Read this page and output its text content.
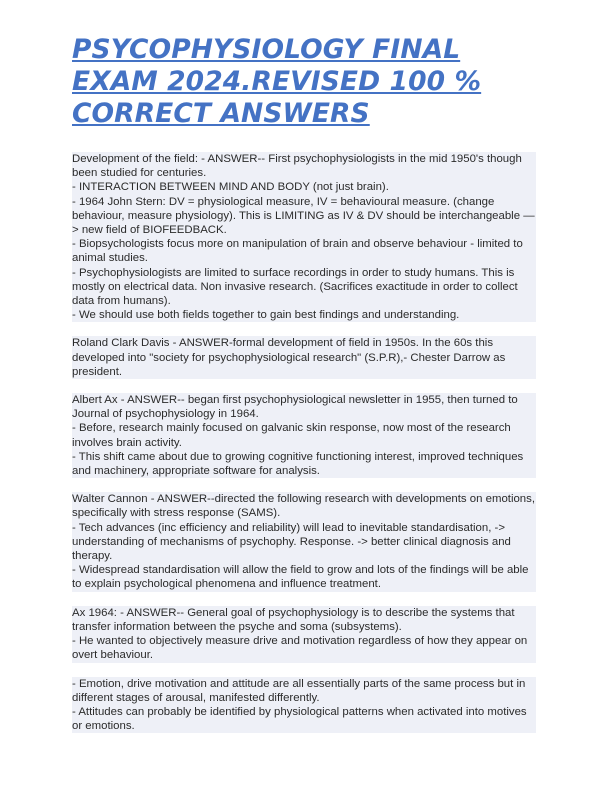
PSYCOPHYSIOLOGY FINAL EXAM 2024.REVISED 100 % CORRECT ANSWERS
Development of the field: - ANSWER-- First psychophysiologists in the mid 1950's though been studied for centuries.
- INTERACTION BETWEEN MIND AND BODY (not just brain).
- 1964 John Stern: DV = physiological measure, IV = behavioural measure. (change behaviour, measure physiology). This is LIMITING as IV & DV should be interchangeable —> new field of BIOFEEDBACK.
- Biopsychologists focus more on manipulation of brain and observe behaviour - limited to animal studies.
- Psychophysiologists are limited to surface recordings in order to study humans. This is mostly on electrical data. Non invasive research. (Sacrifices exactitude in order to collect data from humans).
- We should use both fields together to gain best findings and understanding.
Roland Clark Davis - ANSWER-formal development of field in 1950s. In the 60s this developed into "society for psychophysiological research" (S.P.R),- Chester Darrow as president.
Albert Ax - ANSWER-- began first psychophysiological newsletter in 1955, then turned to Journal of psychophysiology in 1964.
- Before, research mainly focused on galvanic skin response, now most of the research involves brain activity.
- This shift came about due to growing cognitive functioning interest, improved techniques and machinery, appropriate software for analysis.
Walter Cannon - ANSWER--directed the following research with developments on emotions, specifically with stress response (SAMS).
- Tech advances (inc efficiency and reliability) will lead to inevitable standardisation, -> understanding of mechanisms of psychophy. Response. -> better clinical diagnosis and therapy.
- Widespread standardisation will allow the field to grow and lots of the findings will be able to explain psychological phenomena and influence treatment.
Ax 1964: - ANSWER-- General goal of psychophysiology is to describe the systems that transfer information between the psyche and soma (subsystems).
- He wanted to objectively measure drive and motivation regardless of how they appear on overt behaviour.
- Emotion, drive motivation and attitude are all essentially parts of the same process but in different stages of arousal, manifested differently.
- Attitudes can probably be identified by physiological patterns when activated into motives or emotions.
